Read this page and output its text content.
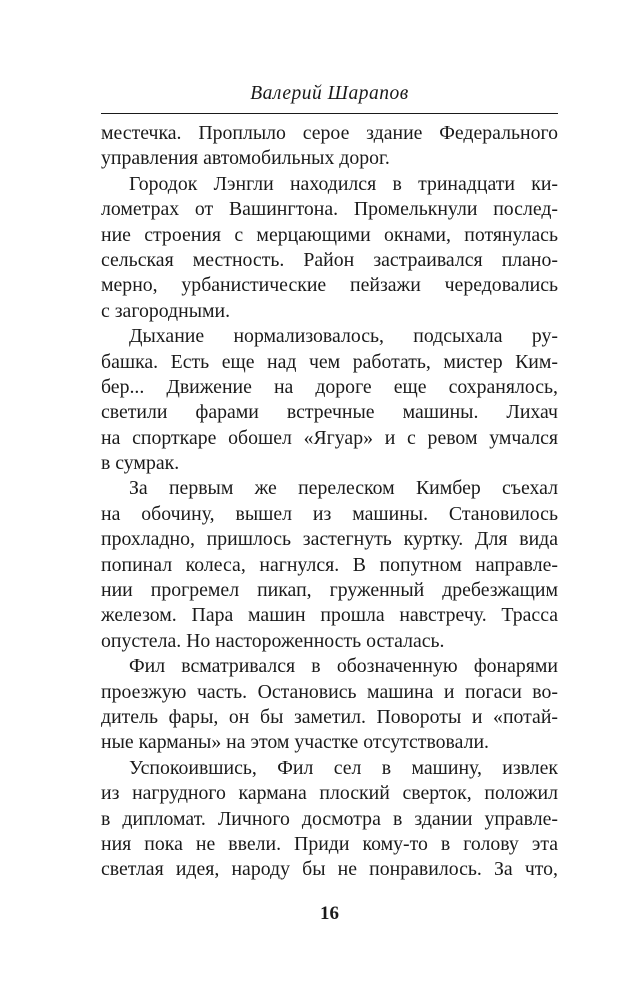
Валерий Шарапов
местечка. Проплыло серое здание Федерального
управления автомобильных дорог.
Городок Лэнгли находился в тринадцати ки-
лометрах от Вашингтона. Промелькнули послед-
ние строения с мерцающими окнами, потянулась
сельская местность. Район застраивался плано-
мерно, урбанистические пейзажи чередовались
с загородными.
Дыхание нормализовалось, подсыхала ру-
башка. Есть еще над чем работать, мистер Ким-
бер... Движение на дороге еще сохранялось,
светили фарами встречные машины. Лихач
на спорткаре обошел «Ягуар» и с ревом умчался
в сумрак.
За первым же перелеском Кимбер съехал
на обочину, вышел из машины. Становилось
прохладно, пришлось застегнуть куртку. Для вида
попинал колеса, нагнулся. В попутном направле-
нии прогремел пикап, груженный дребезжащим
железом. Пара машин прошла навстречу. Трасса
опустела. Но настороженность осталась.
Фил всматривался в обозначенную фонарями
проезжую часть. Остановись машина и погаси во-
дитель фары, он бы заметил. Повороты и «потай-
ные карманы» на этом участке отсутствовали.
Успокоившись, Фил сел в машину, извлек
из нагрудного кармана плоский сверток, положил
в дипломат. Личного досмотра в здании управле-
ния пока не ввели. Приди кому-то в голову эта
светлая идея, народу бы не понравилось. За что,
16
